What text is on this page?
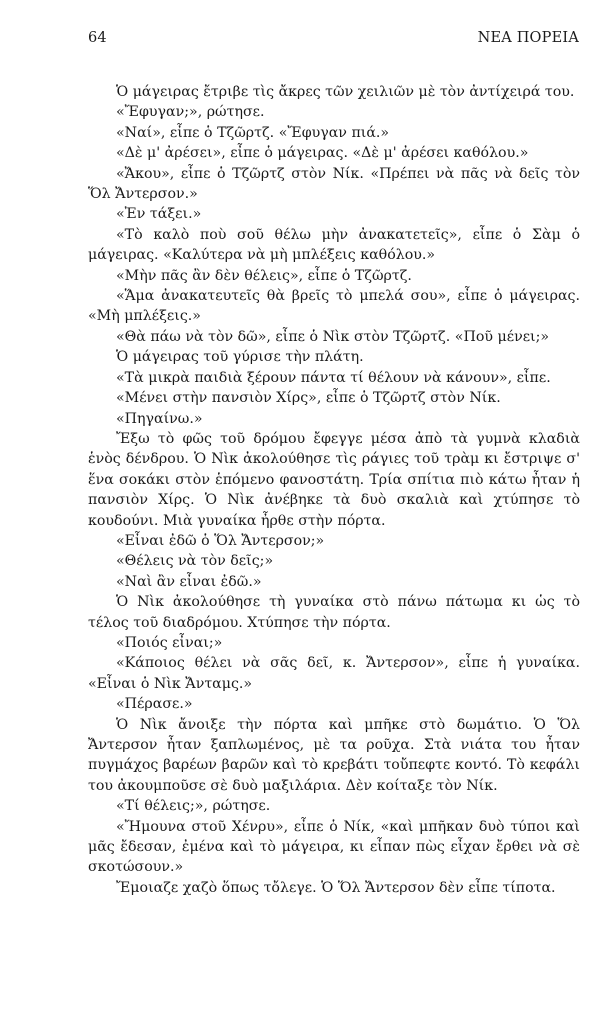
64	ΝΕΑ ΠΟΡΕΙΑ

Ὁ μάγειρας ἔτριβε τὶς ἄκρες τῶν χειλιῶν μὲ τὸν ἀντίχειρά του.

«Ἔφυγαν;», ρώτησε.

«Ναί», εἶπε ὁ Τζῶρτζ. «Ἔφυγαν πιά.»

«Δὲ μ' ἀρέσει», εἶπε ὁ μάγειρας. «Δὲ μ' ἀρέσει καθόλου.»

«Ἄκου», εἶπε ὁ Τζῶρτζ στὸν Νίκ. «Πρέπει νὰ πᾶς νὰ δεῖς τὸν Ὅλ Ἄντερσον.»

«Ἐν τάξει.»

«Τὸ καλὸ ποὺ σοῦ θέλω μὴν ἀνακατετεῖς», εἶπε ὁ Σὰμ ὁ μάγειρας. «Καλύτερα νὰ μὴ μπλέξεις καθόλου.»

«Μὴν πᾶς ἂν δὲν θέλεις», εἶπε ὁ Τζῶρτζ.

«Ἅμα ἀνακατευτεῖς θὰ βρεῖς τὸ μπελά σου», εἶπε ὁ μάγειρας. «Μὴ μπλέξεις.»

«Θὰ πάω νὰ τὸν δῶ», εἶπε ὁ Νὶκ στὸν Τζῶρτζ. «Ποῦ μένει;»

Ὁ μάγειρας τοῦ γύρισε τὴν πλάτη.

«Τὰ μικρὰ παιδιὰ ξέρουν πάντα τί θέλουν νὰ κάνουν», εἶπε.

«Μένει στὴν πανσιὸν Χίρς», εἶπε ὁ Τζῶρτζ στὸν Νίκ.

«Πηγαίνω.»

Ἔξω τὸ φῶς τοῦ δρόμου ἔφεγγε μέσα ἀπὸ τὰ γυμνὰ κλαδιὰ ἑνὸς δένδρου. Ὁ Νὶκ ἀκολούθησε τὶς ράγιες τοῦ τρὰμ κι ἔστριψε σ' ἕνα σοκάκι στὸν ἑπόμενο φανοστάτη. Τρία σπίτια πιὸ κάτω ἦταν ἡ πανσιὸν Χίρς. Ὁ Νὶκ ἀνέβηκε τὰ δυὸ σκαλιὰ καὶ χτύπησε τὸ κουδούνι. Μιὰ γυναίκα ἦρθε στὴν πόρτα.

«Εἶναι ἐδῶ ὁ Ὅλ Ἄντερσον;»

«Θέλεις νὰ τὸν δεῖς;»

«Ναὶ ἂν εἶναι ἐδῶ.»

Ὁ Νὶκ ἀκολούθησε τὴ γυναίκα στὸ πάνω πάτωμα κι ὡς τὸ τέλος τοῦ διαδρόμου. Χτύπησε τὴν πόρτα.

«Ποιός εἶναι;»

«Κάποιος θέλει νὰ σᾶς δεῖ, κ. Ἄντερσον», εἶπε ἡ γυναίκα. «Εἶναι ὁ Νὶκ Ἄνταμς.»

«Πέρασε.»

Ὁ Νὶκ ἄνοιξε τὴν πόρτα καὶ μπῆκε στὸ δωμάτιο. Ὁ Ὅλ Ἄντερσον ἦταν ξαπλωμένος, μὲ τα ροῦχα. Στὰ νιάτα του ἦταν πυγμάχος βαρέων βαρῶν καὶ τὸ κρεβάτι τοὔπεφτε κοντό. Τὸ κεφάλι του ἀκουμποῦσε σὲ δυὸ μαξιλάρια. Δὲν κοίταξε τὸν Νίκ.

«Τί θέλεις;», ρώτησε.

«Ἤμουνα στοῦ Χένρυ», εἶπε ὁ Νίκ, «καὶ μπῆκαν δυὸ τύποι καὶ μᾶς ἔδεσαν, ἐμένα καὶ τὸ μάγειρα, κι εἶπαν πὼς εἶχαν ἔρθει νὰ σὲ σκοτώσουν.»

Ἔμοιαζε χαζὸ ὅπως τὄλεγε. Ὁ Ὅλ Ἄντερσον δὲν εἶπε τίποτα.
